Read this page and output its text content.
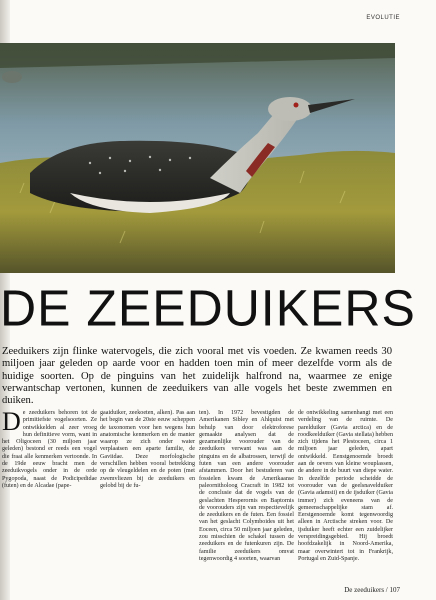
EVOLUTIE
DE ZEEDUIKERS

Zeeduikers zijn flinke watervogels, die zich vooral met vis voeden. Ze kwamen reeds 30 miljoen jaar geleden op aarde voor en hadden toen min of meer dezelfde vorm als de huidige soorten. Op de pinguins van het zuidelijk halfrond na, waarmee ze enige verwantschap vertonen, kunnen de zeeduikers van alle vogels het beste zwemmen en duiken.

D e zeeduikers behoren tot de primitiefste vogelsoorten. Ze ontwikkelden al zeer vroeg hun definitieve vorm, want in het Oligoceen (30 miljoen jaar geleden) bestond er reeds een vogel die fraai alle kenmerken vertoonde. In de 19de eeuw bracht men de zeeduikvogels onder in de orde Pygopoda, naast de Podicipedidae (futen) en de Alcadae (pape-

gaaiduiker, zeekoeten, alken). Pas aan het begin van de 20ste eeuw scheppen de taxonomen voor hen wegens hun anatomische kenmerken en de manier waarop ze zich onder water verplaatsen een aparte familie, de Gaviidae. Deze morfologische verschillen hebben vooral betrekking op de vleugeldelen en de poten (met zwemvliezen bij de zeeduikers en gelobd bij de fu-

ten). In 1972 bevestigden de Amerikanen Sibley en Ahlquist met behulp van door elektroforese gemaakte analysen dat de gezamenlijke voorouder van de zeeduikers verwant was aan de pinguins en de albatrossen, terwijl de futen van een andere voorouder afstammen. Door het bestuderen van fossielen kwam de Amerikaanse paleornitholoog Cracraft in 1982 tot de conclusie dat de vogels van de geslachten Hesperornis en Baptornis de voorouders zijn van respectievelijk de zeeduikers en de futen. Een fossiel van het geslacht Colymboides uit het Eoceen, circa 50 miljoen jaar geleden, zou misschien de schakel tussen de zeeduikers en de futenkuren zijn. De familie zeeduikers omvat tegenwoordig 4 soorten, waarvan

de ontwikkeling samenhangt met een verdeling van de ruimte. De parelduiker (Gavia arctica) en de roodkeelduiker (Gavia stellata) hebben zich tijdens het Plestoceen, circa 1 miljoen jaar geleden, apart ontwikkeld. Eenstgenoemde broedt aan de oevers van kleine wouplassen, de andere in de buurt van diepe water. In dezelfde periode scheidde de voorouder van de geelsnavelduiker (Gavia adamsii) en de ijsduiker (Gavia immer) zich eveneens van de gemeenschappelijke stam af. Eerstgenoemde komt tegenwoordig alleen in Arctische streken voor. De ijsduiker heeft echter een zuidelijker verspreidingsgebied. Hij broedt hoofdzakelijk in Noord-Amerika, maar overwintert tot in Frankrijk, Portugal en Zuid-Spanje.

De zeeduikers / 107
